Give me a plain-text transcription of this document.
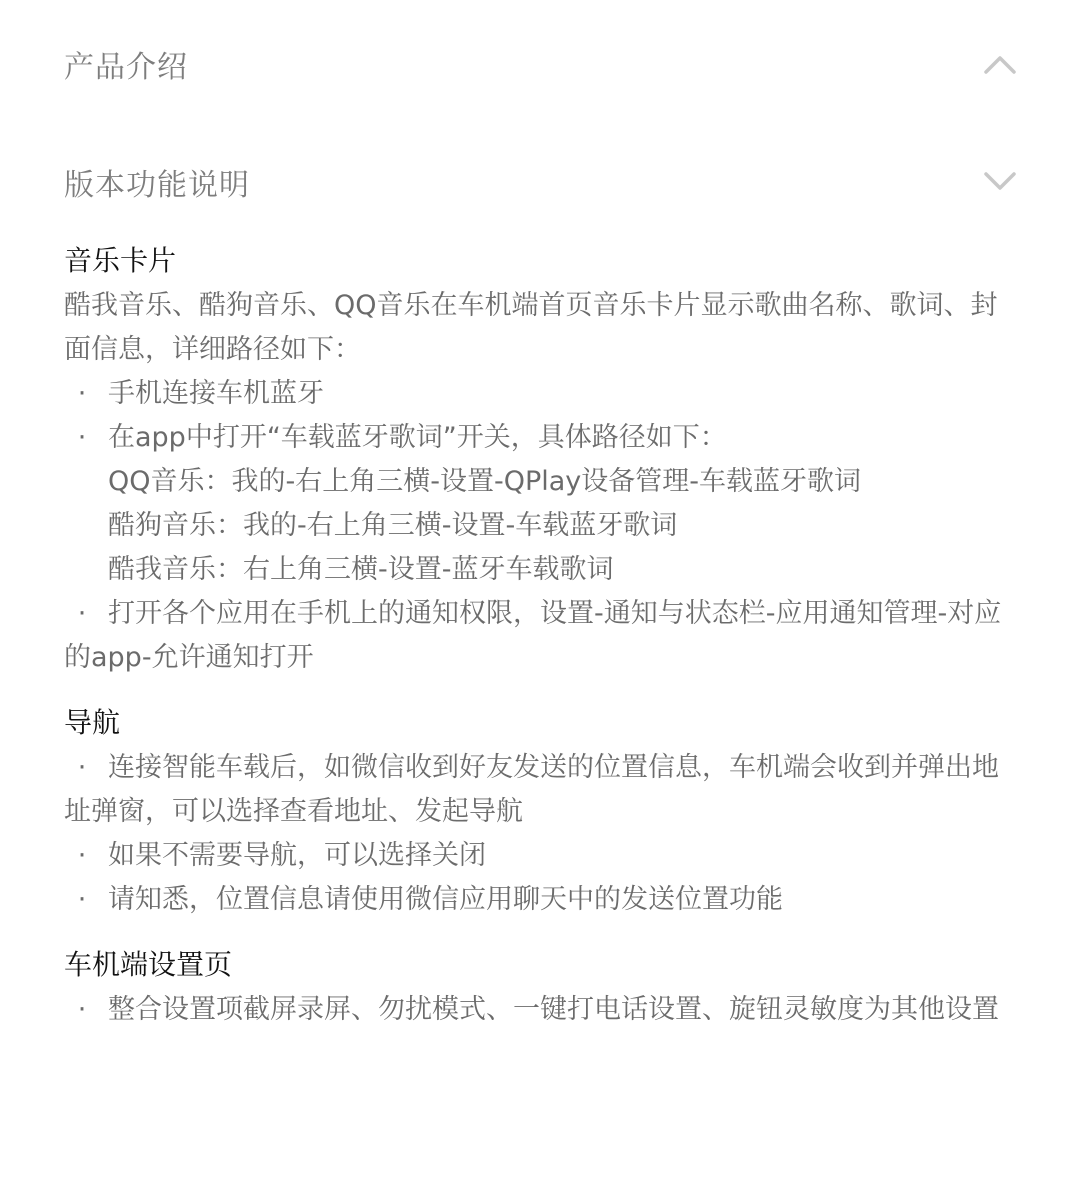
产品介绍
版本功能说明
音乐卡片

酷我音乐、酷狗音乐、QQ音乐在车机端首页音乐卡片显示歌曲名称、歌词、封面信息，详细路径如下：

· 手机连接车机蓝牙
· 在app中打开“车载蓝牙歌词”开关，具体路径如下：
QQ音乐：我的-右上角三横-设置-QPlay设备管理-车载蓝牙歌词
酷狗音乐：我的-右上角三横-设置-车载蓝牙歌词
酷我音乐：右上角三横-设置-蓝牙车载歌词
· 打开各个应用在手机上的通知权限，设置-通知与状态栏-应用通知管理-对应的app-允许通知打开
导航
· 连接智能车载后，如微信收到好友发送的位置信息，车机端会收到并弹出地址弹窗，可以选择查看地址、发起导航
· 如果不需要导航，可以选择关闭
· 请知悉，位置信息请使用微信应用聊天中的发送位置功能
车机端设置页
· 整合设置项截屏录屏、勿扰模式、一键打电话设置、旋钮灵敏度为其他设置
